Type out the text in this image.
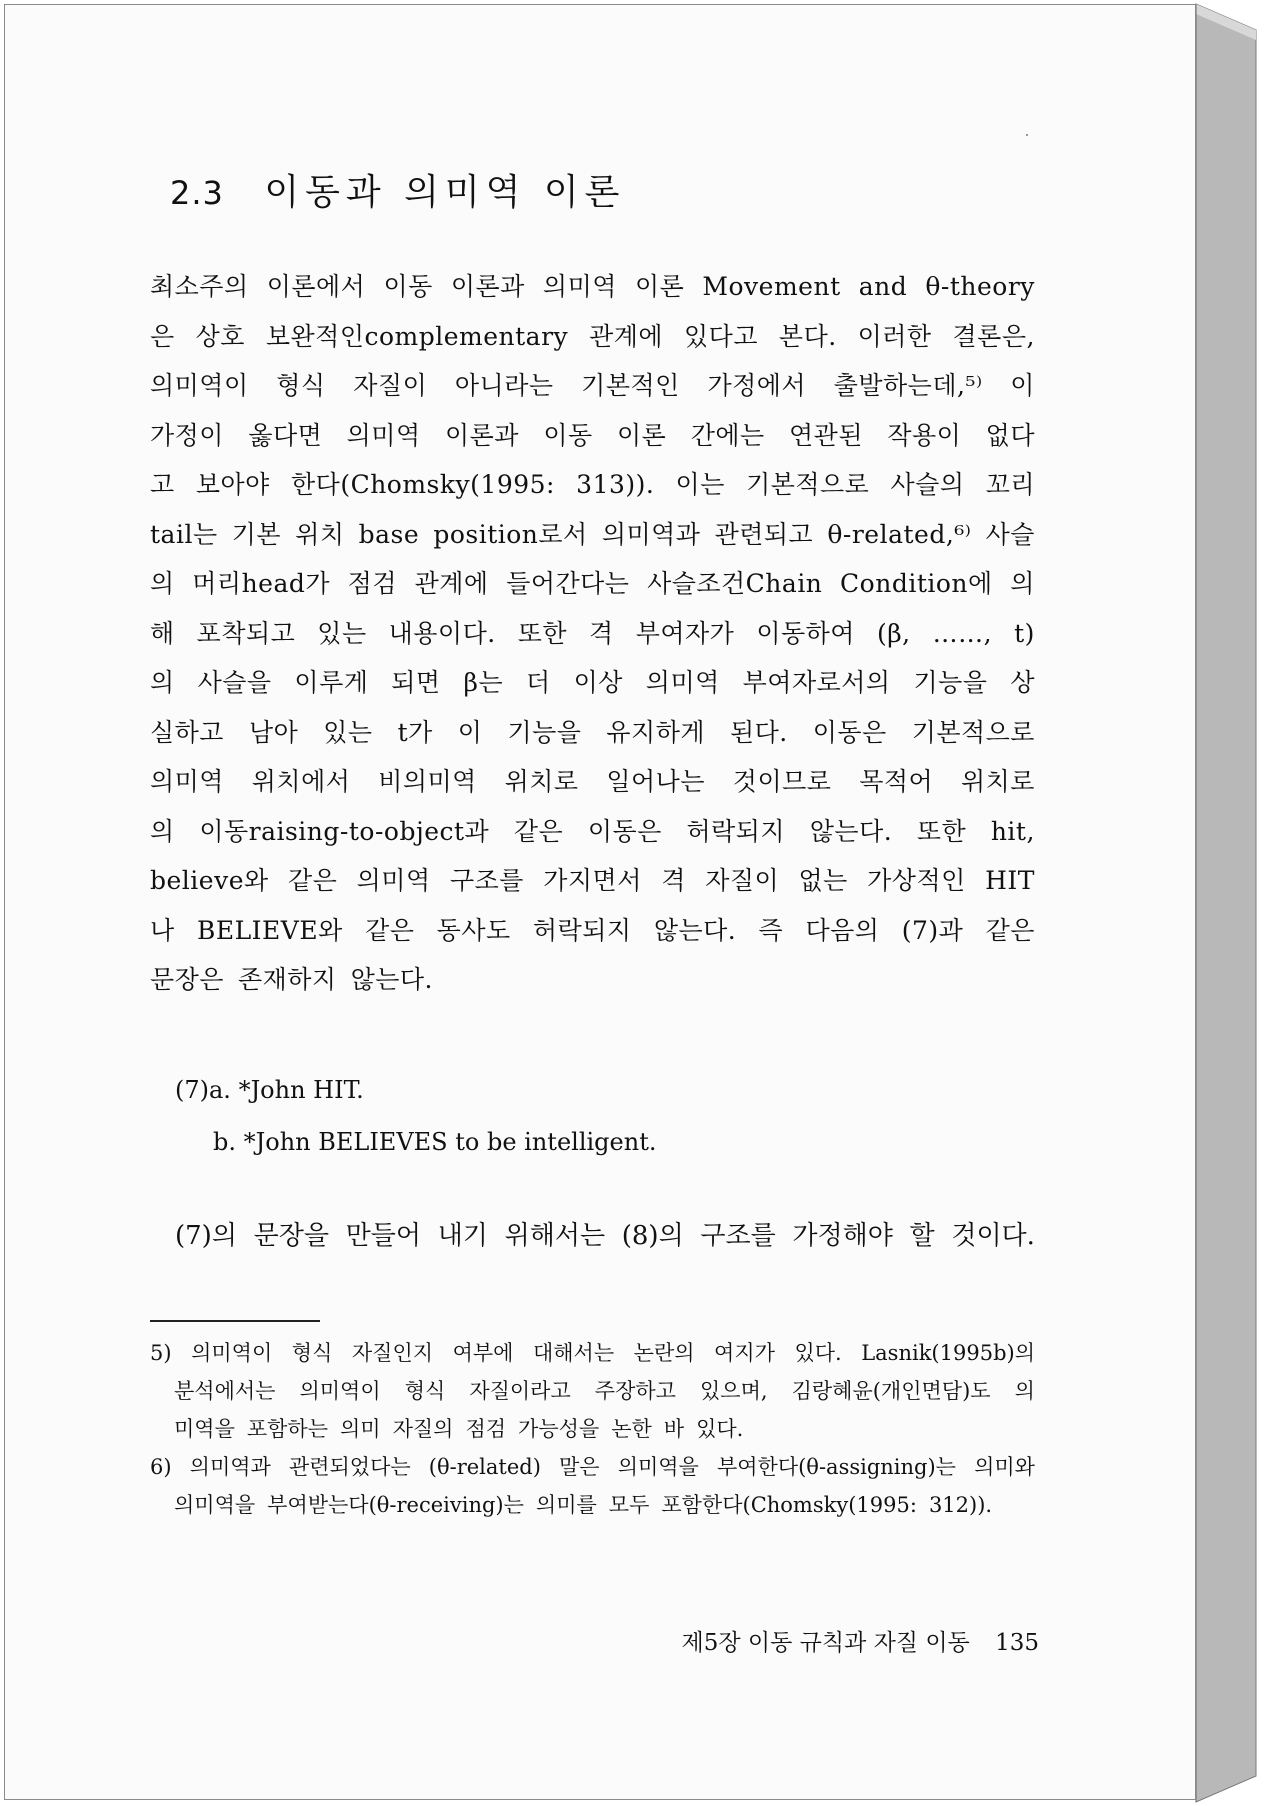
2.3 이동과 의미역 이론
최소주의 이론에서 이동 이론과 의미역 이론 Movement and θ-theory
은 상호 보완적인complementary 관계에 있다고 본다. 이러한 결론은,
의미역이 형식 자질이 아니라는 기본적인 가정에서 출발하는데,⁵⁾ 이
가정이 옳다면 의미역 이론과 이동 이론 간에는 연관된 작용이 없다
고 보아야 한다(Chomsky(1995: 313)). 이는 기본적으로 사슬의 꼬리
tail는 기본 위치 base position로서 의미역과 관련되고 θ-related,⁶⁾ 사슬
의 머리head가 점검 관계에 들어간다는 사슬조건Chain Condition에 의
해 포착되고 있는 내용이다. 또한 격 부여자가 이동하여 (β, ……, t)
의 사슬을 이루게 되면 β는 더 이상 의미역 부여자로서의 기능을 상
실하고 남아 있는 t가 이 기능을 유지하게 된다. 이동은 기본적으로
의미역 위치에서 비의미역 위치로 일어나는 것이므로 목적어 위치로
의 이동raising-to-object과 같은 이동은 허락되지 않는다. 또한 hit,
believe와 같은 의미역 구조를 가지면서 격 자질이 없는 가상적인 HIT
나 BELIEVE와 같은 동사도 허락되지 않는다. 즉 다음의 (7)과 같은
문장은 존재하지 않는다.
(7)a. *John HIT.
b. *John BELIEVES to be intelligent.
(7)의 문장을 만들어 내기 위해서는 (8)의 구조를 가정해야 할 것이다.
5) 의미역이 형식 자질인지 여부에 대해서는 논란의 여지가 있다. Lasnik(1995b)의
분석에서는 의미역이 형식 자질이라고 주장하고 있으며, 김랑혜윤(개인면담)도 의
미역을 포함하는 의미 자질의 점검 가능성을 논한 바 있다.
6) 의미역과 관련되었다는 (θ-related) 말은 의미역을 부여한다(θ-assigning)는 의미와
의미역을 부여받는다(θ-receiving)는 의미를 모두 포함한다(Chomsky(1995: 312)).
제5장 이동 규칙과 자질 이동 135
